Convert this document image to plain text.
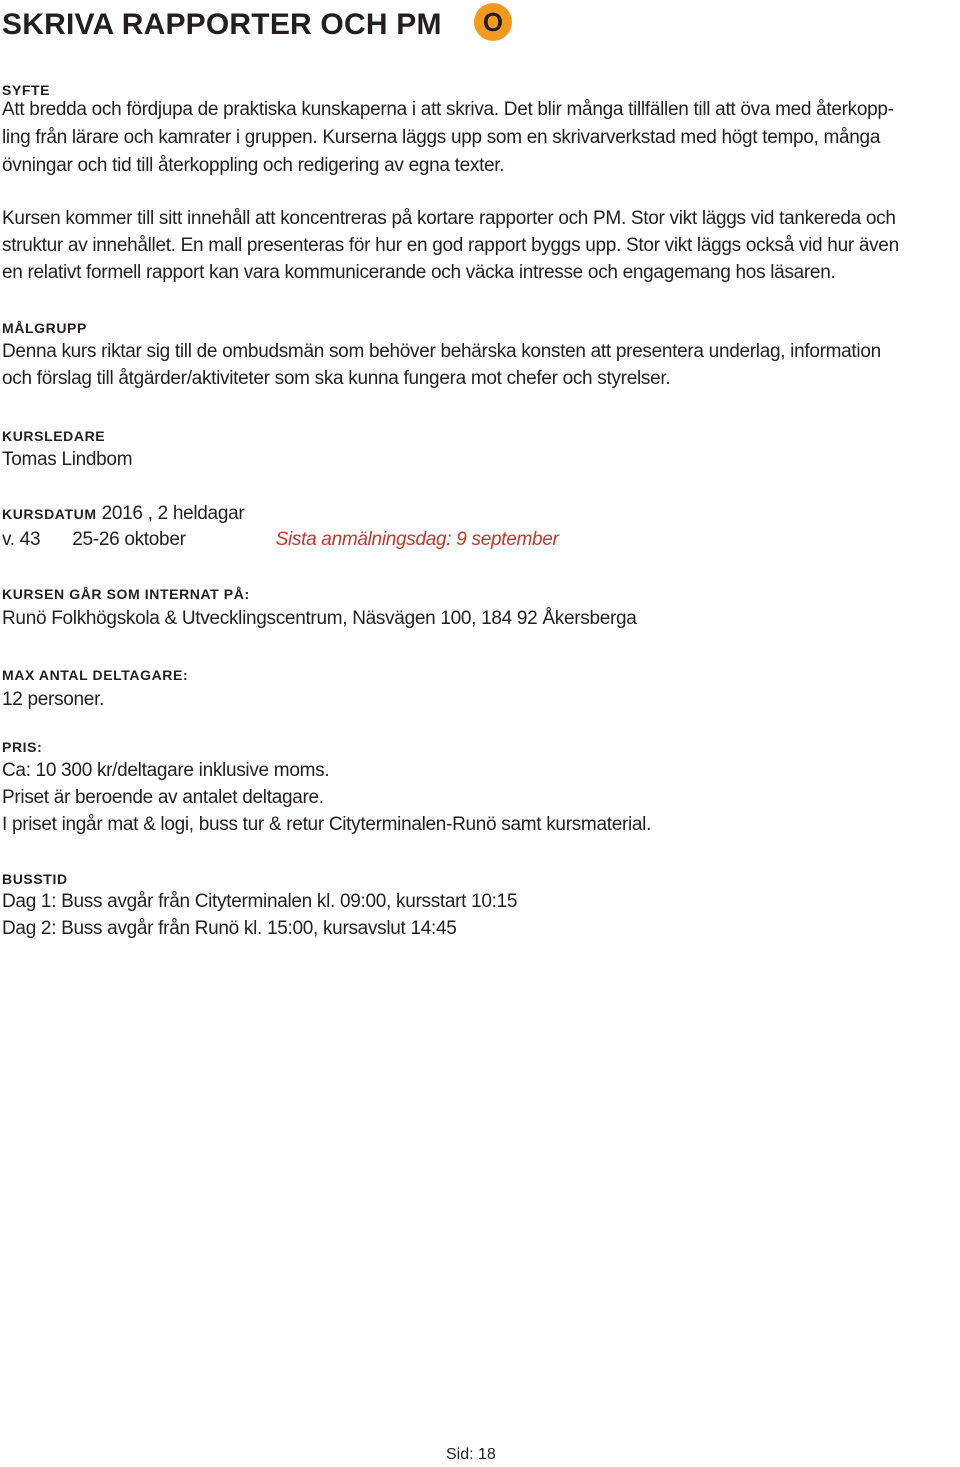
SKRIVA RAPPORTER OCH PM	O
SYFTE
Att bredda och fördjupa de praktiska kunskaperna i att skriva. Det blir många tillfällen till att öva med återkopp-
ling från lärare och kamrater i gruppen. Kurserna läggs upp som en skrivarverkstad med högt tempo, många
övningar och tid till återkoppling och redigering av egna texter.
Kursen kommer till sitt innehåll att koncentreras på kortare rapporter och PM. Stor vikt läggs vid tankereda och
struktur av innehållet. En mall presenteras för hur en god rapport byggs upp. Stor vikt läggs också vid hur även
en relativt formell rapport kan vara kommunicerande och väcka intresse och engagemang hos läsaren.
MÅLGRUPP
Denna kurs riktar sig till de ombudsmän som behöver behärska konsten att presentera underlag, information
och förslag till åtgärder/aktiviteter som ska kunna fungera mot chefer och styrelser.
KURSLEDARE
Tomas Lindbom
KURSDATUM 2016 , 2 heldagar
v. 43 25-26 oktober	Sista anmälningsdag: 9 september
KURSEN GÅR SOM INTERNAT PÅ:
Runö Folkhögskola & Utvecklingscentrum, Näsvägen 100, 184 92 Åkersberga
MAX ANTAL DELTAGARE:
12 personer.
PRIS:
Ca: 10 300 kr/deltagare inklusive moms.
Priset är beroende av antalet deltagare.
I priset ingår mat & logi, buss tur & retur Cityterminalen-Runö samt kursmaterial.
BUSSTID
Dag 1: Buss avgår från Cityterminalen kl. 09:00, kursstart 10:15
Dag 2: Buss avgår från Runö kl. 15:00, kursavslut 14:45
Sid: 18
